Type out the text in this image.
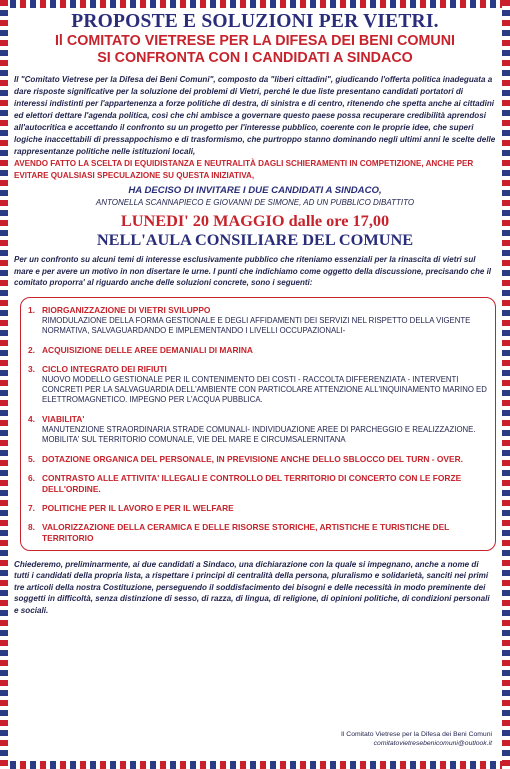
PROPOSTE E SOLUZIONI PER VIETRI.
Il COMITATO VIETRESE PER LA DIFESA DEI BENI COMUNI
SI CONFRONTA CON I CANDIDATI A SINDACO
Il "Comitato Vietrese per la Difesa dei Beni Comuni", composto da "liberi cittadini", giudicando l'offerta politica inadeguata a dare risposte significative per la soluzione dei problemi di Vietri, perché le due liste presentano candidati portatori di interessi indistinti per l'appartenenza a forze politiche di destra, di sinistra e di centro, ritenendo che spetta anche ai cittadini ed elettori dettare l'agenda politica, così che chi ambisce a governare questo paese possa recuperare credibilità aprendosi all'autocritica e accettando il confronto su un progetto per l'interesse pubblico, coerente con le proprie idee, che superi logiche inaccettabili di pressappochismo e di trasformismo, che purtroppo stanno dominando negli ultimi anni le scelte delle rappresentanze politiche nelle istituzioni locali,
AVENDO FATTO LA SCELTA DI EQUIDISTANZA E NEUTRALITÀ DAGLI SCHIERAMENTI IN COMPETIZIONE, ANCHE PER EVITARE QUALSIASI SPECULAZIONE SU QUESTA INIZIATIVA,
HA DECISO DI INVITARE I DUE CANDIDATI A SINDACO,
ANTONELLA SCANNAPIECO E GIOVANNI DE SIMONE, AD UN PUBBLICO DIBATTITO
LUNEDI' 20 MAGGIO dalle ore 17,00
NELL'AULA CONSILIARE DEL COMUNE
Per un confronto su alcuni temi di interesse esclusivamente pubblico che riteniamo essenziali per la rinascita di vietri sul mare e per avere un motivo in non disertare le urne. I punti che indichiamo come oggetto della discussione, precisando che il comitato proporra' al riguardo anche delle soluzioni concrete, sono i seguenti:
1. RIORGANIZZAZIONE DI VIETRI SVILUPPO
RIMODULAZIONE DELLA FORMA GESTIONALE E DEGLI AFFIDAMENTI DEI SERVIZI NEL RISPETTO DELLA VIGENTE NORMATIVA, SALVAGUARDANDO E IMPLEMENTANDO I LIVELLI OCCUPAZIONALI-
2. ACQUISIZIONE DELLE AREE DEMANIALI DI MARINA
3. CICLO INTEGRATO DEI RIFIUTI
NUOVO MODELLO GESTIONALE PER IL CONTENIMENTO DEI COSTI - RACCOLTA DIFFERENZIATA - INTERVENTI CONCRETI PER LA SALVAGUARDIA DELL'AMBIENTE CON PARTICOLARE ATTENZIONE ALL'INQUINAMENTO MARINO ED ELETTROMAGNETICO. IMPEGNO PER L'ACQUA PUBBLICA.
4. VIABILITA'
MANUTENZIONE STRAORDINARIA STRADE COMUNALI- INDIVIDUAZIONE AREE DI PARCHEGGIO E REALIZZAZIONE. MOBILITA' SUL TERRITORIO COMUNALE, VIE DEL MARE E CIRCUMSALERNITANA
5. DOTAZIONE ORGANICA DEL PERSONALE, IN PREVISIONE ANCHE DELLO SBLOCCO DEL TURN - OVER.
6. CONTRASTO ALLE ATTIVITA' ILLEGALI E CONTROLLO DEL TERRITORIO DI CONCERTO CON LE FORZE DELL'ORDINE.
7. POLITICHE PER IL LAVORO E PER IL WELFARE
8. VALORIZZAZIONE DELLA CERAMICA E DELLE RISORSE STORICHE, ARTISTICHE E TURISTICHE DEL TERRITORIO
Chiederemo, preliminarmente, ai due candidati a Sindaco, una dichiarazione con la quale si impegnano, anche a nome di tutti i candidati della propria lista, a rispettare i principi di centralità della persona, pluralismo e solidarietà, sanciti nei primi tre articoli della nostra Costituzione, perseguendo il soddisfacimento dei bisogni e delle necessità in modo preminente dei soggetti in difficoltà, senza distinzione di sesso, di razza, di lingua, di religione, di opinioni politiche, di condizioni personali e sociali.
Il Comitato Vietrese per la Difesa dei Beni Comuni
comitatovietresebenicomuni@outlook.it
